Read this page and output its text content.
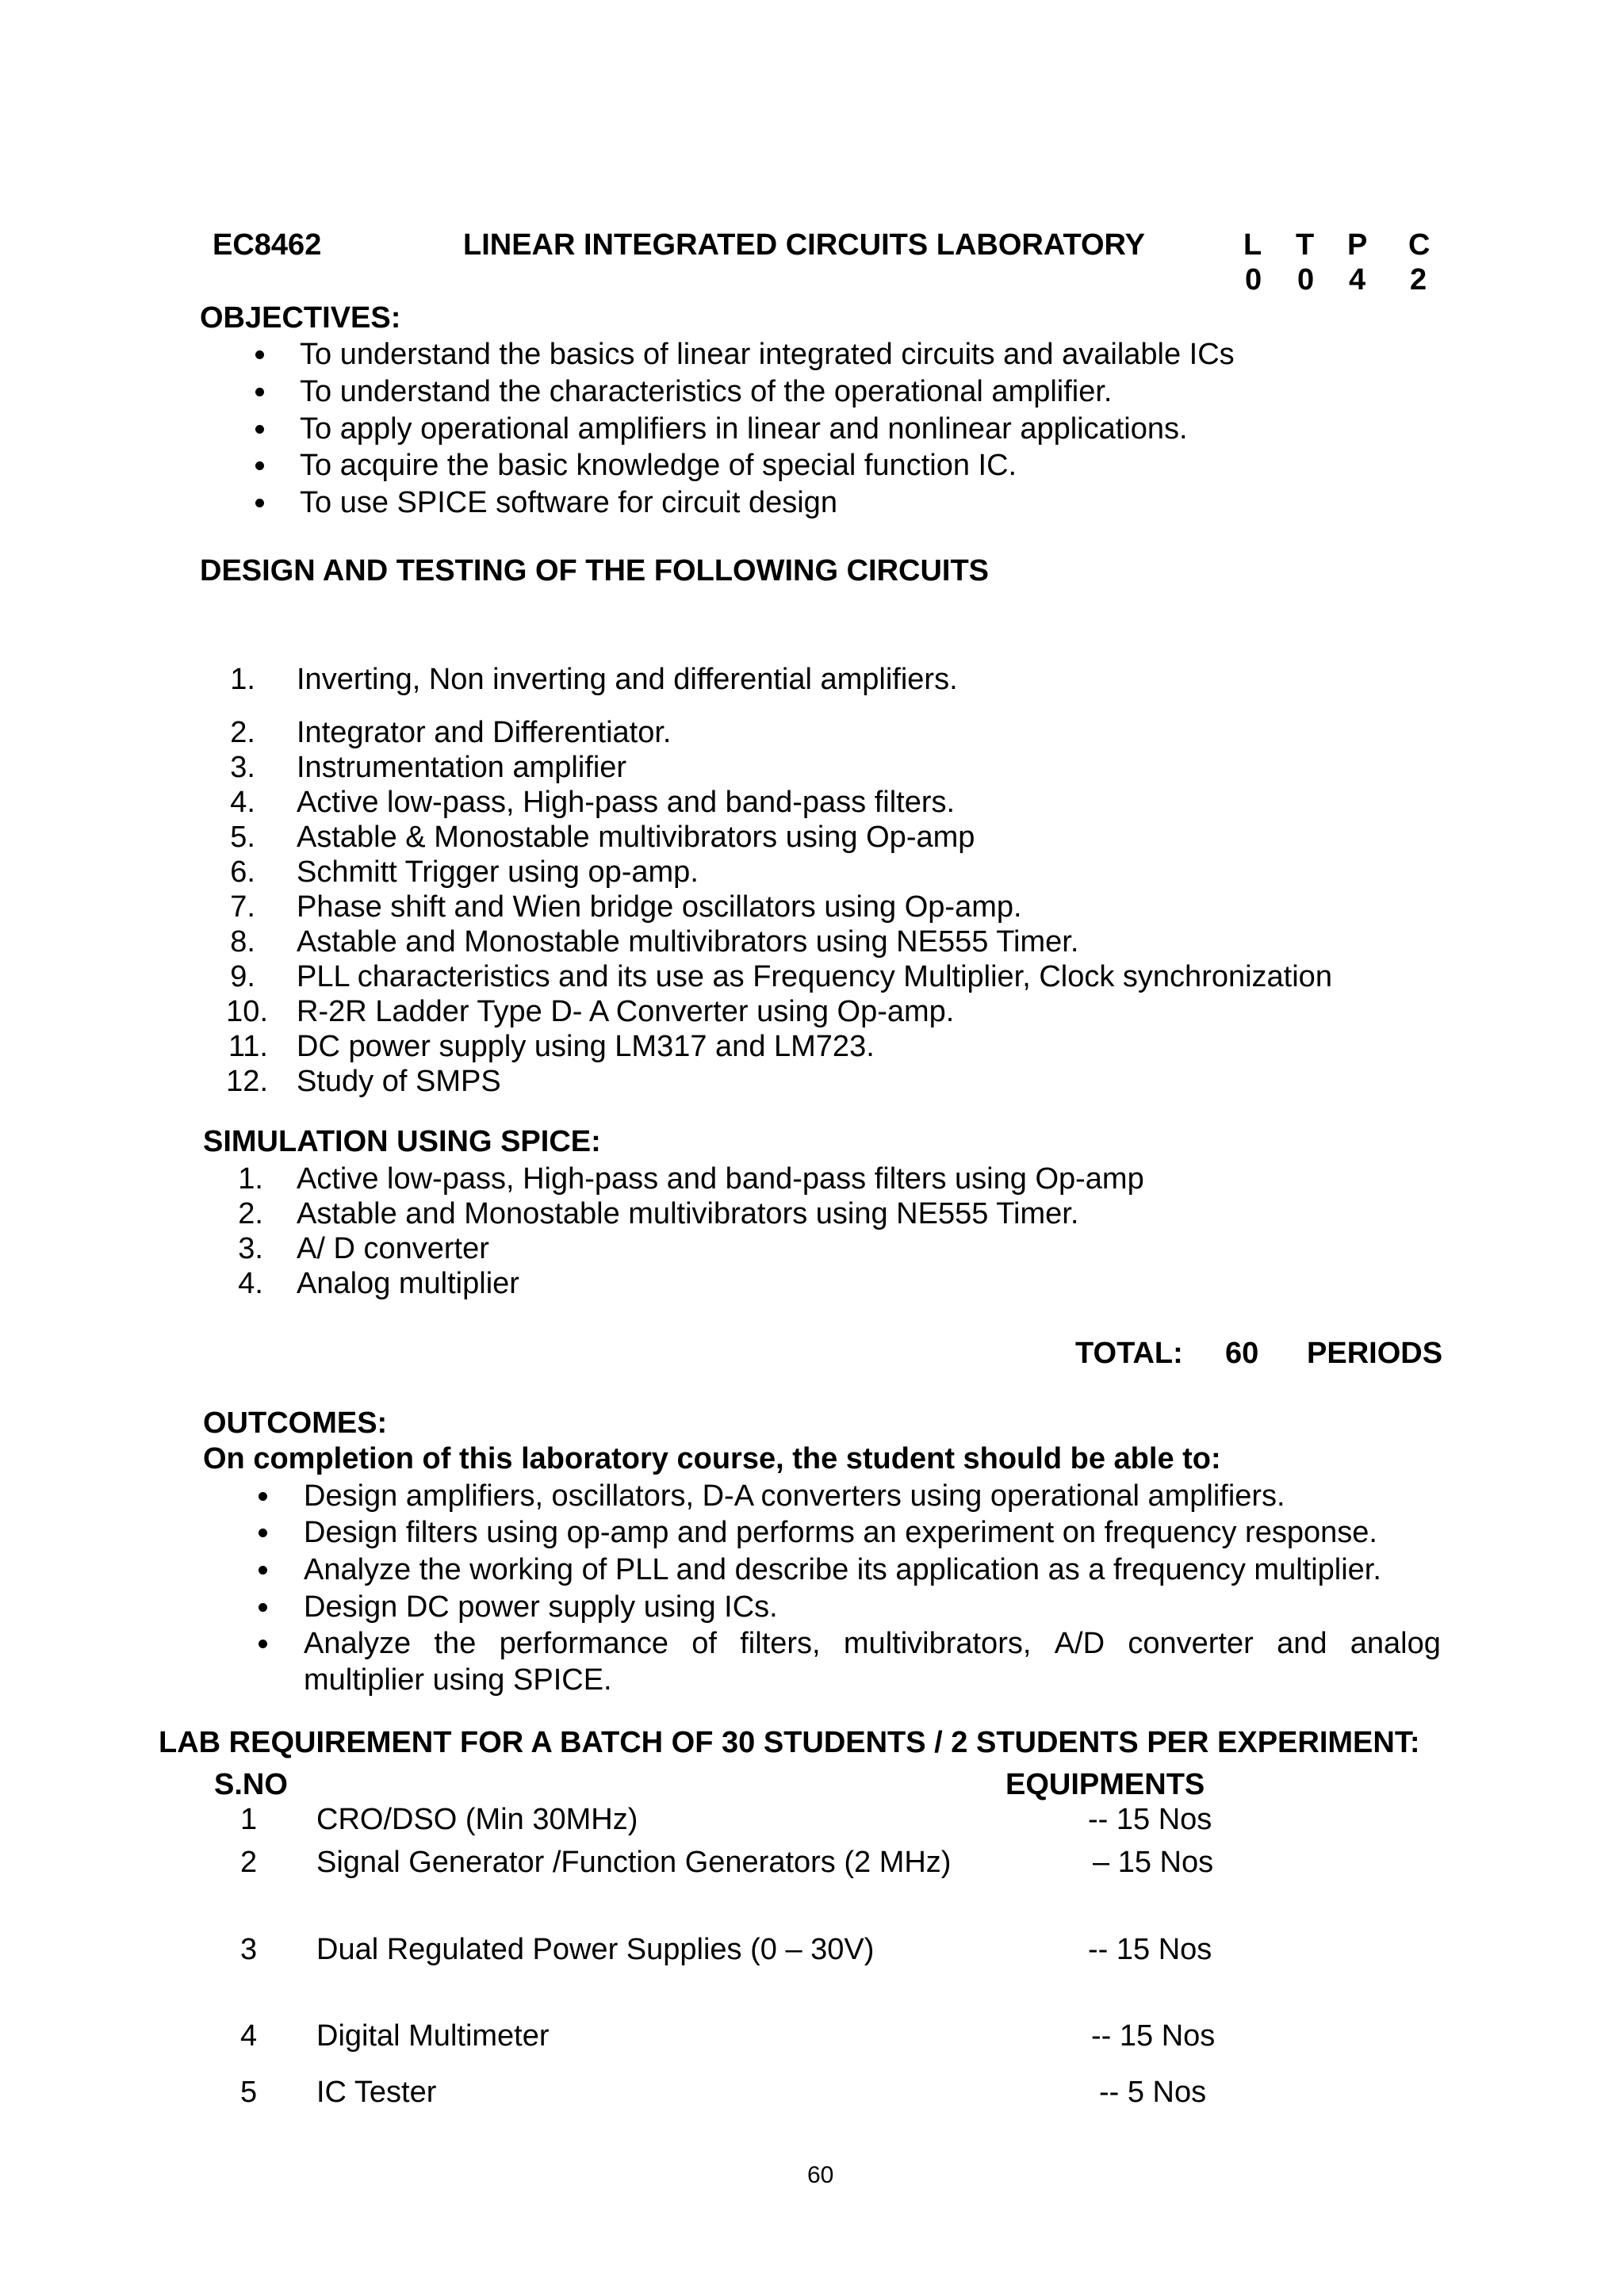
EC8462	LINEAR INTEGRATED CIRCUITS LABORATORY	L T P C
0 0 4 2
OBJECTIVES:
To understand the basics of linear integrated circuits and available ICs
To understand the characteristics of the operational amplifier.
To apply operational amplifiers in linear and nonlinear applications.
To acquire the basic knowledge of special function IC.
To use SPICE software for circuit design
DESIGN AND TESTING OF THE FOLLOWING CIRCUITS
1. Inverting, Non inverting and differential amplifiers.
2. Integrator and Differentiator.
3. Instrumentation amplifier
4. Active low-pass, High-pass and band-pass filters.
5. Astable & Monostable multivibrators using Op-amp
6. Schmitt Trigger using op-amp.
7. Phase shift and Wien bridge oscillators using Op-amp.
8. Astable and Monostable multivibrators using NE555 Timer.
9. PLL characteristics and its use as Frequency Multiplier, Clock synchronization
10. R-2R Ladder Type D- A Converter using Op-amp.
11. DC power supply using LM317 and LM723.
12. Study of SMPS
SIMULATION USING SPICE:
1. Active low-pass, High-pass and band-pass filters using Op-amp
2. Astable and Monostable multivibrators using NE555 Timer.
3. A/ D converter
4. Analog multiplier
TOTAL: 60 PERIODS
OUTCOMES:
On completion of this laboratory course, the student should be able to:
Design amplifiers, oscillators, D-A converters using operational amplifiers.
Design filters using op-amp and performs an experiment on frequency response.
Analyze the working of PLL and describe its application as a frequency multiplier.
Design DC power supply using ICs.
Analyze the performance of filters, multivibrators, A/D converter and analog
multiplier using SPICE.
LAB REQUIREMENT FOR A BATCH OF 30 STUDENTS / 2 STUDENTS PER EXPERIMENT:
S.NO	EQUIPMENTS
1 CRO/DSO (Min 30MHz)	-- 15 Nos
2 Signal Generator /Function Generators (2 MHz)	– 15 Nos
3 Dual Regulated Power Supplies (0 – 30V)	-- 15 Nos
4 Digital Multimeter	-- 15 Nos
5 IC Tester	-- 5 Nos
60
